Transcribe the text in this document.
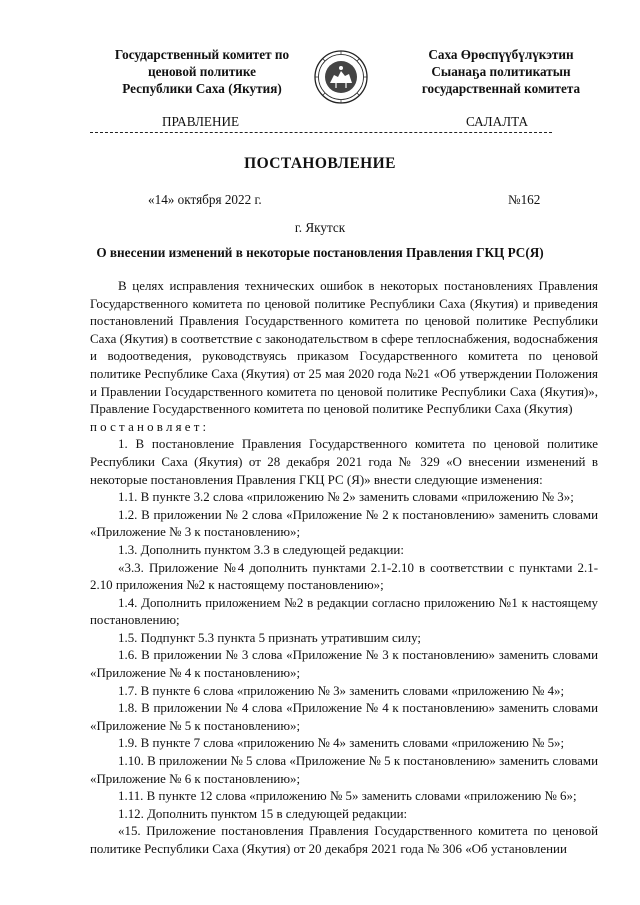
Государственный комитет по
ценовой политике
Республики Саха (Якутия)
Саха Өрөспүүбүлүкэтин
Сыанаҕа политикатын
государственнай комитета
ПРАВЛЕНИЕ	САЛАЛТА
ПОСТАНОВЛЕНИЕ
«14» октября 2022 г.	№162
г. Якутск
О внесении изменений в некоторые постановления Правления ГКЦ РС(Я)

В целях исправления технических ошибок в некоторых постановлениях Правления Государственного комитета по ценовой политике Республики Саха (Якутия) и приведения постановлений Правления Государственного комитета по ценовой политике Республики Саха (Якутия) в соответствие с законодательством в сфере теплоснабжения, водоснабжения и водоотведения, руководствуясь приказом Государственного комитета по ценовой политике Республике Саха (Якутия) от 25 мая 2020 года №21 «Об утверждении Положения и Правлении Государственного комитета по ценовой политике Республики Саха (Якутия)», Правление Государственного комитета по ценовой политике Республики Саха (Якутия)

постановляет:

1. В постановление Правления Государственного комитета по ценовой политике Республики Саха (Якутия) от 28 декабря 2021 года № 329 «О внесении изменений в некоторые постановления Правления ГКЦ РС (Я)» внести следующие изменения:

1.1. В пункте 3.2 слова «приложению № 2» заменить словами «приложению № 3»;

1.2. В приложении № 2 слова «Приложение № 2 к постановлению» заменить словами «Приложение № 3 к постановлению»;

1.3. Дополнить пунктом 3.3 в следующей редакции:

«3.3. Приложение №4 дополнить пунктами 2.1-2.10 в соответствии с пунктами 2.1-2.10 приложения №2 к настоящему постановлению»;

1.4. Дополнить приложением №2 в редакции согласно приложению №1 к настоящему постановлению;

1.5. Подпункт 5.3 пункта 5 признать утратившим силу;

1.6. В приложении № 3 слова «Приложение № 3 к постановлению» заменить словами «Приложение № 4 к постановлению»;

1.7. В пункте 6 слова «приложению № 3» заменить словами «приложению № 4»;

1.8. В приложении № 4 слова «Приложение № 4 к постановлению» заменить словами «Приложение № 5 к постановлению»;

1.9. В пункте 7 слова «приложению № 4» заменить словами «приложению № 5»;

1.10. В приложении № 5 слова «Приложение № 5 к постановлению» заменить словами «Приложение № 6 к постановлению»;

1.11. В пункте 12 слова «приложению № 5» заменить словами «приложению № 6»;

1.12. Дополнить пунктом 15 в следующей редакции:

«15. Приложение постановления Правления Государственного комитета по ценовой политике Республики Саха (Якутия) от 20 декабря 2021 года № 306 «Об установлении
